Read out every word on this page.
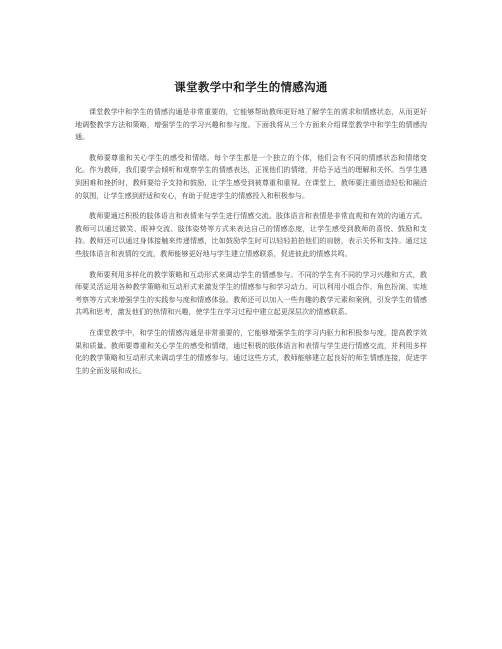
课堂教学中和学生的情感沟通

课堂教学中和学生的情感沟通是非常重要的，它能够帮助教师更好地了解学生的需求和情感状态，从而更好地调整教学方法和策略，增强学生的学习兴趣和参与度。下面我将从三个方面来介绍课堂教学中和学生的情感沟通。

教师要尊重和关心学生的感受和情绪。每个学生都是一个独立的个体，他们会有不同的情感状态和情绪变化。作为教师，我们要学会倾听和观察学生的情感表达，正视他们的情绪，并给予适当的理解和关怀。当学生遇到困难和挫折时，教师要给予支持和鼓励，让学生感受到被尊重和重视。在课堂上，教师要注重创造轻松和融洽的氛围，让学生感到舒适和安心，有助于促进学生的情感投入和积极参与。

教师要通过积极的肢体语言和表情来与学生进行情感交流。肢体语言和表情是非常直观和有效的沟通方式。教师可以通过微笑、眼神交流、肢体姿势等方式来表达自己的情感态度，让学生感受到教师的喜悦、鼓励和支持。教师还可以通过身体接触来传递情感，比如鼓励学生时可以轻轻拍拍他们的肩膀，表示关怀和支持。通过这些肢体语言和表情的交流，教师能够更好地与学生建立情感联系，促进彼此的情感共鸣。

教师要利用多样化的教学策略和互动形式来调动学生的情感参与。不同的学生有不同的学习兴趣和方式，教师要灵活运用各种教学策略和互动形式来激发学生的情感参与和学习动力。可以利用小组合作、角色扮演、实地考察等方式来增强学生的实践参与度和情感体验。教师还可以加入一些有趣的教学元素和案例，引发学生的情感共鸣和思考，激发他们的热情和兴趣，使学生在学习过程中建立起更深层次的情感联系。

在课堂教学中，和学生的情感沟通是非常重要的，它能够增强学生的学习内驱力和积极参与度，提高教学效果和质量。教师要尊重和关心学生的感受和情绪，通过积极的肢体语言和表情与学生进行情感交流，并利用多样化的教学策略和互动形式来调动学生的情感参与。通过这些方式，教师能够建立起良好的师生情感连接，促进学生的全面发展和成长。
